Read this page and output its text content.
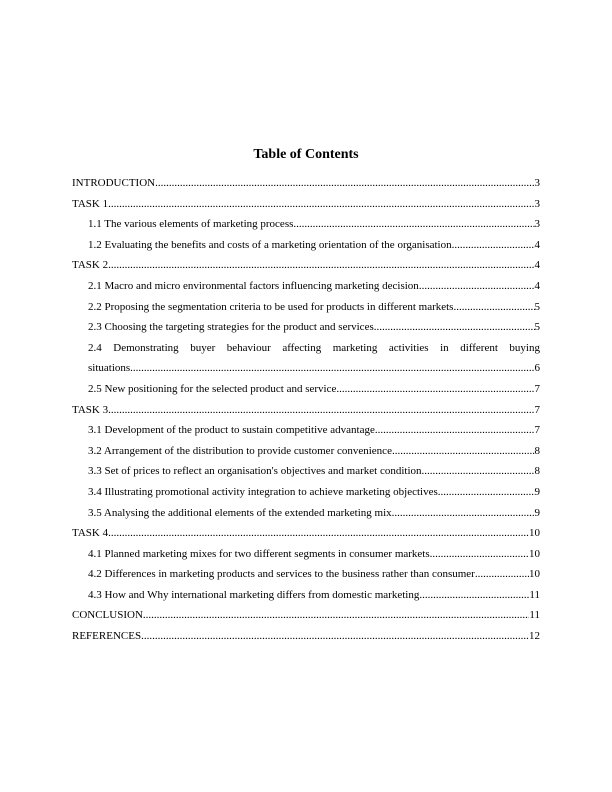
Table of Contents
INTRODUCTION .....	3
TASK 1 .....	3
1.1 The various elements of marketing process .....	3
1.2 Evaluating the benefits and costs of a marketing orientation of the organisation .....	4
TASK 2 .....	4
2.1 Macro and micro environmental factors influencing marketing decision .....	4
2.2 Proposing the segmentation criteria to be used for products in different markets .....	5
2.3 Choosing the targeting strategies for the product and services .....	5
2.4 Demonstrating buyer behaviour affecting marketing activities in different buying
situations .....	6
2.5 New positioning for the selected product and service .....	7
TASK 3 .....	7
3.1 Development of the product to sustain competitive advantage .....	7
3.2 Arrangement of the distribution to provide customer convenience .....	8
3.3 Set of prices to reflect an organisation's objectives and market condition .....	8
3.4 Illustrating promotional activity integration to achieve marketing objectives .....	9
3.5 Analysing the additional elements of the extended marketing mix .....	9
TASK 4 .....	10
4.1 Planned marketing mixes for two different segments in consumer markets .....	10
4.2 Differences in marketing products and services to the business rather than consumer .....	10
4.3 How and Why international marketing differs from domestic marketing .....	11
CONCLUSION .....	11
REFERENCES .....	12
